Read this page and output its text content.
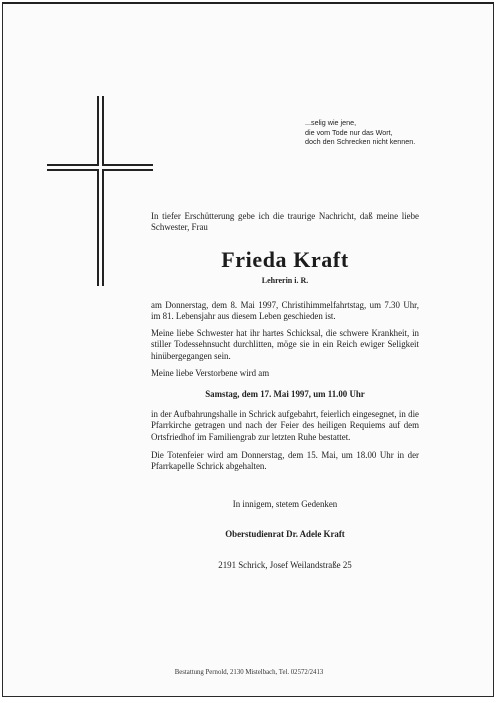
...selig wie jene,
die vom Tode nur das Wort,
doch den Schrecken nicht kennen.
In tiefer Erschütterung gebe ich die traurige Nachricht, daß meine liebe Schwester, Frau
Frieda Kraft
Lehrerin i. R.
am Donnerstag, dem 8. Mai 1997, Christihimmelfahrtstag, um 7.30 Uhr, im 81. Lebensjahr aus diesem Leben geschieden ist.
Meine liebe Schwester hat ihr hartes Schicksal, die schwere Krankheit, in stiller Todessehnsucht durchlitten, möge sie in ein Reich ewiger Seligkeit hinübergegangen sein.
Meine liebe Verstorbene wird am
Samstag, dem 17. Mai 1997, um 11.00 Uhr
in der Aufbahrungshalle in Schrick aufgebahrt, feierlich eingesegnet, in die Pfarrkirche getragen und nach der Feier des heiligen Requiems auf dem Ortsfriedhof im Familiengrab zur letzten Ruhe bestattet.
Die Totenfeier wird am Donnerstag, dem 15. Mai, um 18.00 Uhr in der Pfarrkapelle Schrick abgehalten.
In innigem, stetem Gedenken
Oberstudienrat Dr. Adele Kraft
2191 Schrick, Josef Weilandstraße 25
Bestattung Pernold, 2130 Mistelbach, Tel. 02572/2413
